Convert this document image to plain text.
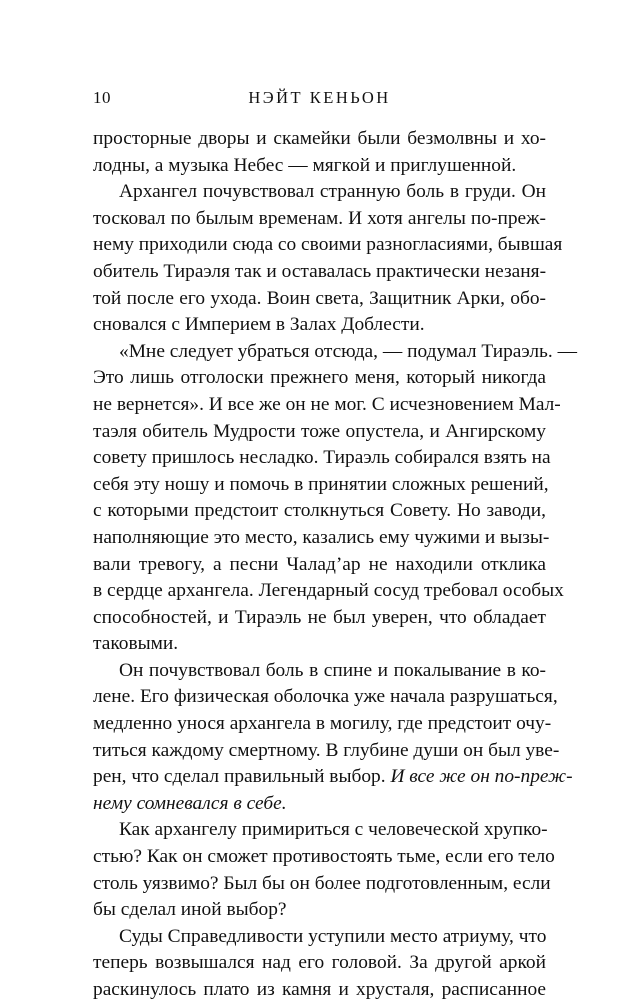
10	НЭЙТ КЕНЬОН
просторные дворы и скамейки были безмолвны и хо-
лодны, а музыка Небес — мягкой и приглушенной.
Архангел почувствовал странную боль в груди. Он
тосковал по былым временам. И хотя ангелы по-преж-
нему приходили сюда со своими разногласиями, бывшая
обитель Тираэля так и оставалась практически незаня-
той после его ухода. Воин света, Защитник Арки, обо-
сновался с Империем в Залах Доблести.
«Мне следует убраться отсюда, — подумал Тираэль. —
Это лишь отголоски прежнего меня, который никогда
не вернется». И все же он не мог. С исчезновением Мал-
таэля обитель Мудрости тоже опустела, и Ангирскому
совету пришлось несладко. Тираэль собирался взять на
себя эту ношу и помочь в принятии сложных решений,
с которыми предстоит столкнуться Совету. Но заводи,
наполняющие это место, казались ему чужими и вызы-
вали тревогу, а песни Чалад’ар не находили отклика
в сердце архангела. Легендарный сосуд требовал особых
способностей, и Тираэль не был уверен, что обладает
таковыми.
Он почувствовал боль в спине и покалывание в ко-
лене. Его физическая оболочка уже начала разрушаться,
медленно унося архангела в могилу, где предстоит очу-
титься каждому смертному. В глубине души он был уве-
рен, что сделал правильный выбор. И все же он по-преж-
нему сомневался в себе.
Как архангелу примириться с человеческой хрупко-
стью? Как он сможет противостоять тьме, если его тело
столь уязвимо? Был бы он более подготовленным, если
бы сделал иной выбор?
Суды Справедливости уступили место атриуму, что
теперь возвышался над его головой. За другой аркой
раскинулось плато из камня и хрусталя, расписанное
